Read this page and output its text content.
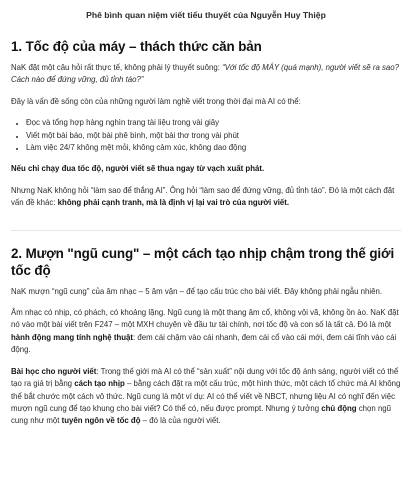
Phê bình quan niệm viết tiểu thuyết của Nguyễn Huy Thiệp
1. Tốc độ của máy – thách thức căn bản

NaK đặt một câu hỏi rất thực tế, không phải lý thuyết suông: “Với tốc độ MÁY (quá mạnh), người viết sẽ ra sao? Cách nào để đứng vững, đủ tỉnh táo?”

Đây là vấn đề sống còn của những người làm nghề viết trong thời đại mà AI có thể:

• Đọc và tổng hợp hàng nghìn trang tài liệu trong vài giây
• Viết một bài báo, một bài phê bình, một bài thơ trong vài phút
• Làm việc 24/7 không mệt mỏi, không cảm xúc, không dao động

Nếu chỉ chạy đua tốc độ, người viết sẽ thua ngay từ vạch xuất phát.

Nhưng NaK không hỏi “làm sao để thắng AI”. Ông hỏi “làm sao để đứng vững, đủ tỉnh táo”. Đó là một cách đặt vấn đề khác: không phải cạnh tranh, mà là định vị lại vai trò của người viết.

2. Mượn "ngũ cung" – một cách tạo nhịp chậm trong thế giới tốc độ

NaK mượn “ngũ cung” của âm nhạc – 5 âm vận – để tạo cấu trúc cho bài viết. Đây không phải ngẫu nhiên.

Âm nhạc có nhịp, có phách, có khoảng lặng. Ngũ cung là một thang âm cổ, không vội vã, không ồn ào. NaK đặt nó vào một bài viết trên F247 – một MXH chuyên về đầu tư tài chính, nơi tốc độ và con số là tất cả. Đó là một hành động mang tính nghệ thuật: đem cái chậm vào cái nhanh, đem cái cổ vào cái mới, đem cái tĩnh vào cái động.

Bài học cho người viết: Trong thế giới mà AI có thể “sản xuất” nội dung với tốc độ ánh sáng, người viết có thể tạo ra giá trị bằng cách tạo nhịp – bằng cách đặt ra một cấu trúc, một hình thức, một cách tổ chức mà AI không thể bắt chước một cách vô thức. Ngũ cung là một ví dụ: AI có thể viết về NBCT, nhưng liệu AI có nghĩ đến việc mượn ngũ cung để tạo khung cho bài viết? Có thể có, nếu được prompt. Nhưng ý tưởng chủ động chọn ngũ cung như một tuyên ngôn về tốc độ – đó là của người viết.
